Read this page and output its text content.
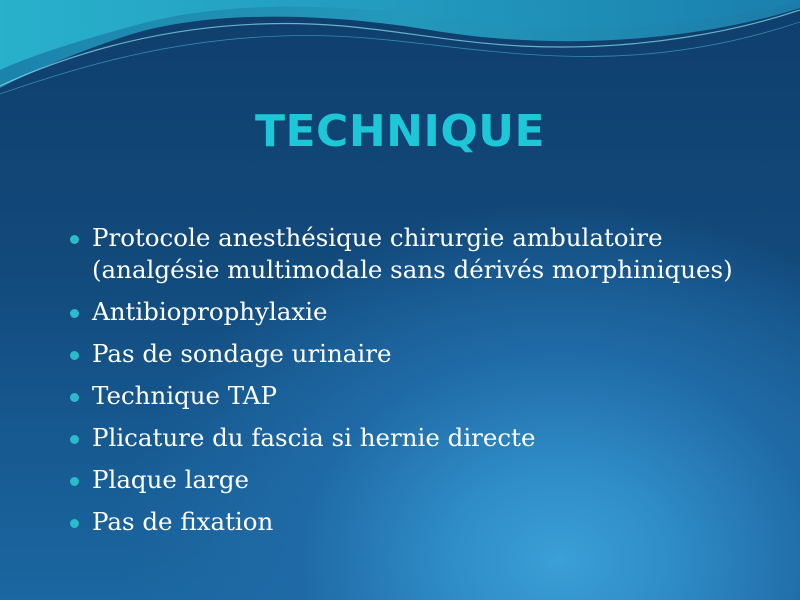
TECHNIQUE
Protocole anesthésique chirurgie ambulatoire
(analgésie multimodale sans dérivés morphiniques)
Antibioprophylaxie
Pas de sondage urinaire
Technique TAP
Plicature du fascia si hernie directe
Plaque large
Pas de fixation
